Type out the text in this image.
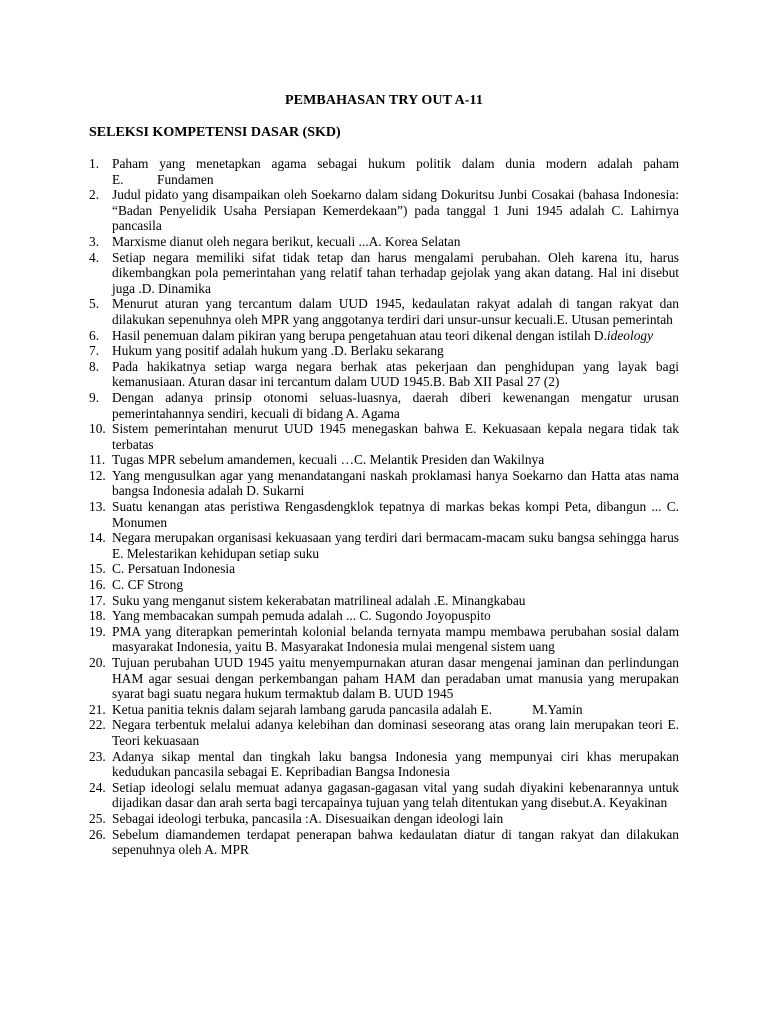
PEMBAHASAN TRY OUT A-11
SELEKSI KOMPETENSI DASAR (SKD)
1. Paham yang menetapkan agama sebagai hukum politik dalam dunia modern adalah paham E.          Fundamen
2. Judul pidato yang disampaikan oleh Soekarno dalam sidang Dokuritsu Junbi Cosakai (bahasa Indonesia: “Badan Penyelidik Usaha Persiapan Kemerdekaan”) pada tanggal 1 Juni 1945 adalah C. Lahirnya pancasila
3. Marxisme dianut oleh negara berikut, kecuali ...A. Korea Selatan
4. Setiap negara memiliki sifat tidak tetap dan harus mengalami perubahan. Oleh karena itu, harus dikembangkan pola pemerintahan yang relatif tahan terhadap gejolak yang akan datang. Hal ini disebut juga .D. Dinamika
5. Menurut aturan yang tercantum dalam UUD 1945, kedaulatan rakyat adalah di tangan rakyat dan dilakukan sepenuhnya oleh MPR yang anggotanya terdiri dari unsur-unsur kecuali.E. Utusan pemerintah
6. Hasil penemuan dalam pikiran yang berupa pengetahuan atau teori dikenal dengan istilah D.ideology
7. Hukum yang positif adalah hukum yang .D. Berlaku sekarang
8. Pada hakikatnya setiap warga negara berhak atas pekerjaan dan penghidupan yang layak bagi kemanusiaan. Aturan dasar ini tercantum dalam UUD 1945.B. Bab XII Pasal 27 (2)
9. Dengan adanya prinsip otonomi seluas-luasnya, daerah diberi kewenangan mengatur urusan pemerintahannya sendiri, kecuali di bidang A. Agama
10. Sistem pemerintahan menurut UUD 1945 menegaskan bahwa E. Kekuasaan kepala negara tidak tak terbatas
11. Tugas MPR sebelum amandemen, kecuali …C. Melantik Presiden dan Wakilnya
12. Yang mengusulkan agar yang menandatangani naskah proklamasi hanya Soekarno dan Hatta atas nama bangsa Indonesia adalah D. Sukarni
13. Suatu kenangan atas peristiwa Rengasdengklok tepatnya di markas bekas kompi Peta, dibangun ... C. Monumen
14. Negara merupakan organisasi kekuasaan yang terdiri dari bermacam-macam suku bangsa sehingga harus E. Melestarikan kehidupan setiap suku
15. C. Persatuan Indonesia
16. C. CF Strong
17. Suku yang menganut sistem kekerabatan matrilineal adalah .E. Minangkabau
18. Yang membacakan sumpah pemuda adalah ... C. Sugondo Joyopuspito
19. PMA yang diterapkan pemerintah kolonial belanda ternyata mampu membawa perubahan sosial dalam masyarakat Indonesia, yaitu B. Masyarakat Indonesia mulai mengenal sistem uang
20. Tujuan perubahan UUD 1945 yaitu menyempurnakan aturan dasar mengenai jaminan dan perlindungan HAM agar sesuai dengan perkembangan paham HAM dan peradaban umat manusia yang merupakan syarat bagi suatu negara hukum termaktub dalam B. UUD 1945
21. Ketua panitia teknis dalam sejarah lambang garuda pancasila adalah E.            M.Yamin
22. Negara terbentuk melalui adanya kelebihan dan dominasi seseorang atas orang lain merupakan teori E. Teori kekuasaan
23. Adanya sikap mental dan tingkah laku bangsa Indonesia yang mempunyai ciri khas merupakan kedudukan pancasila sebagai E. Kepribadian Bangsa Indonesia
24. Setiap ideologi selalu memuat adanya gagasan-gagasan vital yang sudah diyakini kebenarannya untuk dijadikan dasar dan arah serta bagi tercapainya tujuan yang telah ditentukan yang disebut.A. Keyakinan
25. Sebagai ideologi terbuka, pancasila :A. Disesuaikan dengan ideologi lain
26. Sebelum diamandemen terdapat penerapan bahwa kedaulatan diatur di tangan rakyat dan dilakukan sepenuhnya oleh A. MPR
